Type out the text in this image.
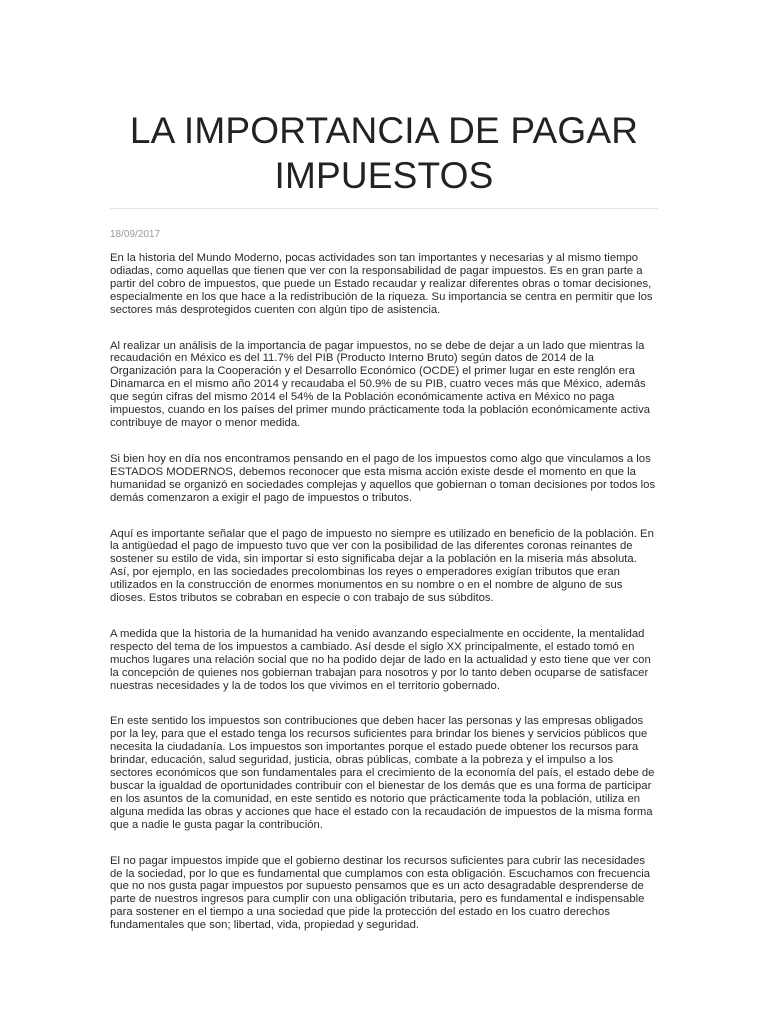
LA IMPORTANCIA DE PAGAR IMPUESTOS
18/09/2017

En la historia del Mundo Moderno, pocas actividades son tan importantes y necesarias y al mismo tiempo odiadas, como aquellas que tienen que ver con la responsabilidad de pagar impuestos. Es en gran parte a partir del cobro de impuestos, que puede un Estado recaudar y realizar diferentes obras o tomar decisiones, especialmente en los que hace a la redistribución de la riqueza. Su importancia se centra en permitir que los sectores más desprotegidos cuenten con algún tipo de asistencia.

Al realizar un análisis de la importancia de pagar impuestos, no se debe de dejar a un lado que mientras la recaudación en México es del 11.7% del PIB (Producto Interno Bruto) según datos de 2014 de la Organización para la Cooperación y el Desarrollo Económico (OCDE) el primer lugar en este renglón era Dinamarca en el mismo año 2014 y recaudaba el 50.9% de su PIB, cuatro veces más que México, además que según cifras del mismo 2014 el 54% de la Población económicamente activa en México no paga impuestos, cuando en los países del primer mundo prácticamente toda la población económicamente activa contribuye de mayor o menor medida.

Si bien hoy en día nos encontramos pensando en el pago de los impuestos como algo que vinculamos a los ESTADOS MODERNOS, debemos reconocer que esta misma acción existe desde el momento en que la humanidad se organizó en sociedades complejas y aquellos que gobiernan o toman decisiones por todos los demás comenzaron a exigir el pago de impuestos o tributos.

Aquí es importante señalar que el pago de impuesto no siempre es utilizado en beneficio de la población. En la antigüedad el pago de impuesto tuvo que ver con la posibilidad de las diferentes coronas reinantes de sostener su estilo de vida, sin importar si esto significaba dejar a la población en la miseria más absoluta. Así, por ejemplo, en las sociedades precolombinas los reyes o emperadores exigían tributos que eran utilizados en la construcción de enormes monumentos en su nombre o en el nombre de alguno de sus dioses. Estos tributos se cobraban en especie o con trabajo de sus súbditos.

A medida que la historia de la humanidad ha venido avanzando especialmente en occidente, la mentalidad respecto del tema de los impuestos a cambiado. Así desde el siglo XX principalmente, el estado tomó en muchos lugares una relación social que no ha podido dejar de lado en la actualidad y esto tiene que ver con la concepción de quienes nos gobiernan trabajan para nosotros y por lo tanto deben ocuparse de satisfacer nuestras necesidades y la de todos los que vivimos en el territorio gobernado.

En este sentido los impuestos son contribuciones que deben hacer las personas y las empresas obligados por la ley, para que el estado tenga los recursos suficientes para brindar los bienes y servicios públicos que necesita la ciudadanía. Los impuestos son importantes porque el estado puede obtener los recursos para brindar, educación, salud seguridad, justicia, obras públicas, combate a la pobreza y el impulso a los sectores económicos que son fundamentales para el crecimiento de la economía del país, el estado debe de buscar la igualdad de oportunidades contribuir con el bienestar de los demás que es una forma de participar en los asuntos de la comunidad, en este sentido es notorio que prácticamente toda la población, utiliza en alguna medida las obras y acciones que hace el estado con la recaudación de impuestos de la misma forma que a nadie le gusta pagar la contribución.

El no pagar impuestos impide que el gobierno destinar los recursos suficientes para cubrir las necesidades de la sociedad, por lo que es fundamental que cumplamos con esta obligación. Escuchamos con frecuencia que no nos gusta pagar impuestos por supuesto pensamos que es un acto desagradable desprenderse de parte de nuestros ingresos para cumplir con una obligación tributaria, pero es fundamental e indispensable para sostener en el tiempo a una sociedad que pide la protección del estado en los cuatro derechos fundamentales que son; libertad, vida, propiedad y seguridad.
